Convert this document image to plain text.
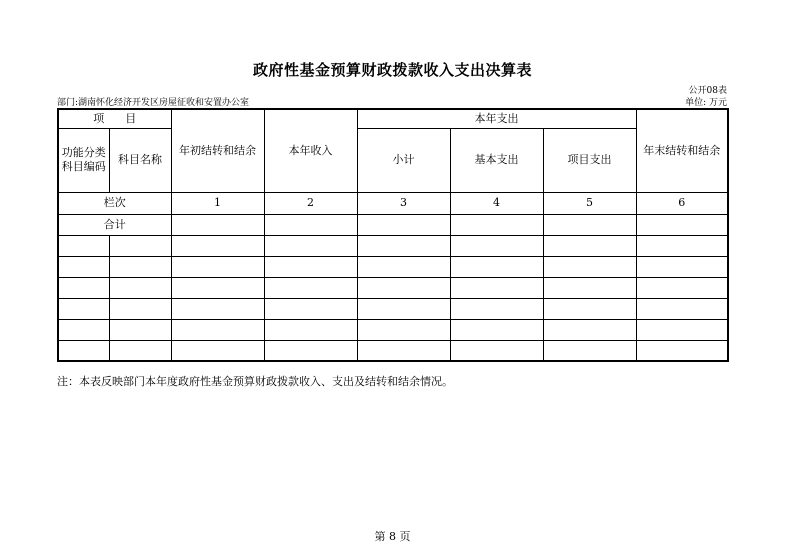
政府性基金预算财政拨款收入支出决算表
公开08表
部门:湖南怀化经济开发区房屋征收和安置办公室	单位: 万元
项      目		年初结转和结余	本年收入	本年支出			年末结转和结余
功能分类科目编码	科目名称			小计	基本支出	项目支出	
栏次		1	2	3	4	5	6
合计							

注：本表反映部门本年度政府性基金预算财政拨款收入、支出及结转和结余情况。
第 8 页
